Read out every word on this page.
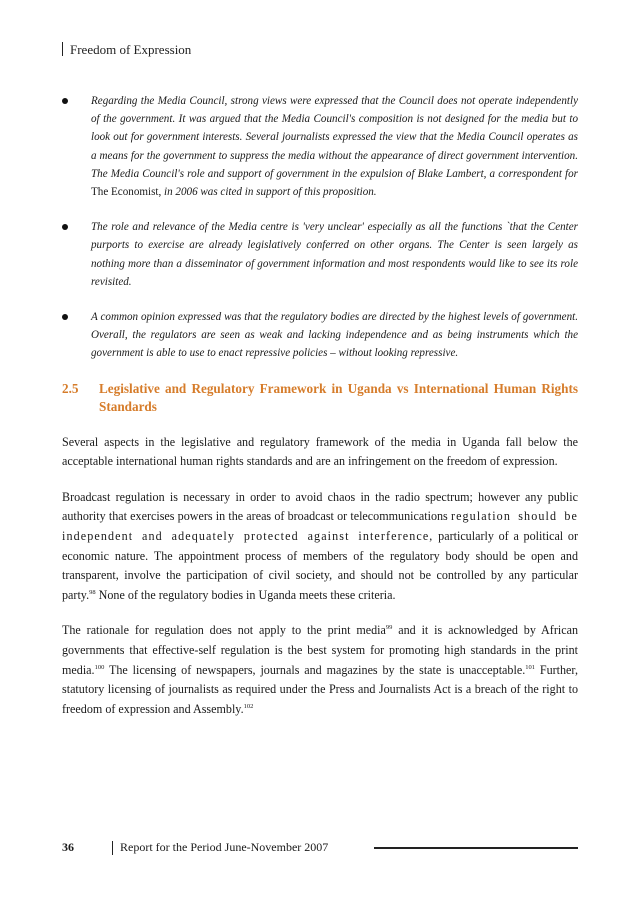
Freedom of Expression
Regarding the Media Council, strong views were expressed that the Council does not operate independently of the government. It was argued that the Media Council's composition is not designed for the media but to look out for government interests. Several journalists expressed the view that the Media Council operates as a means for the government to suppress the media without the appearance of direct government intervention. The Media Council's role and support of government in the expulsion of Blake Lambert, a correspondent for The Economist, in 2006 was cited in support of this proposition.
The role and relevance of the Media centre is 'very unclear' especially as all the functions `that the Center purports to exercise are already legislatively conferred on other organs. The Center is seen largely as nothing more than a disseminator of government information and most respondents would like to see its role revisited.
A common opinion expressed was that the regulatory bodies are directed by the highest levels of government. Overall, the regulators are seen as weak and lacking independence and as being instruments which the government is able to use to enact repressive policies – without looking repressive.
2.5	Legislative and Regulatory Framework in Uganda vs International Human Rights Standards

Several aspects in the legislative and regulatory framework of the media in Uganda fall below the acceptable international human rights standards and are an infringement on the freedom of expression.

Broadcast regulation is necessary in order to avoid chaos in the radio spectrum; however any public authority that exercises powers in the areas of broadcast or telecommunications regulation should be independent and adequately protected against interference, particularly of a political or economic nature. The appointment process of members of the regulatory body should be open and transparent, involve the participation of civil society, and should not be controlled by any particular party.$^{98}$ None of the regulatory bodies in Uganda meets these criteria.

The rationale for regulation does not apply to the print media$^{99}$ and it is acknowledged by African governments that effective-self regulation is the best system for promoting high standards in the print media.$^{100}$ The licensing of newspapers, journals and magazines by the state is unacceptable.$^{101}$ Further, statutory licensing of journalists as required under the Press and Journalists Act is a breach of the right to freedom of expression and Assembly.$^{102}$

36	Report for the Period June-November 2007
